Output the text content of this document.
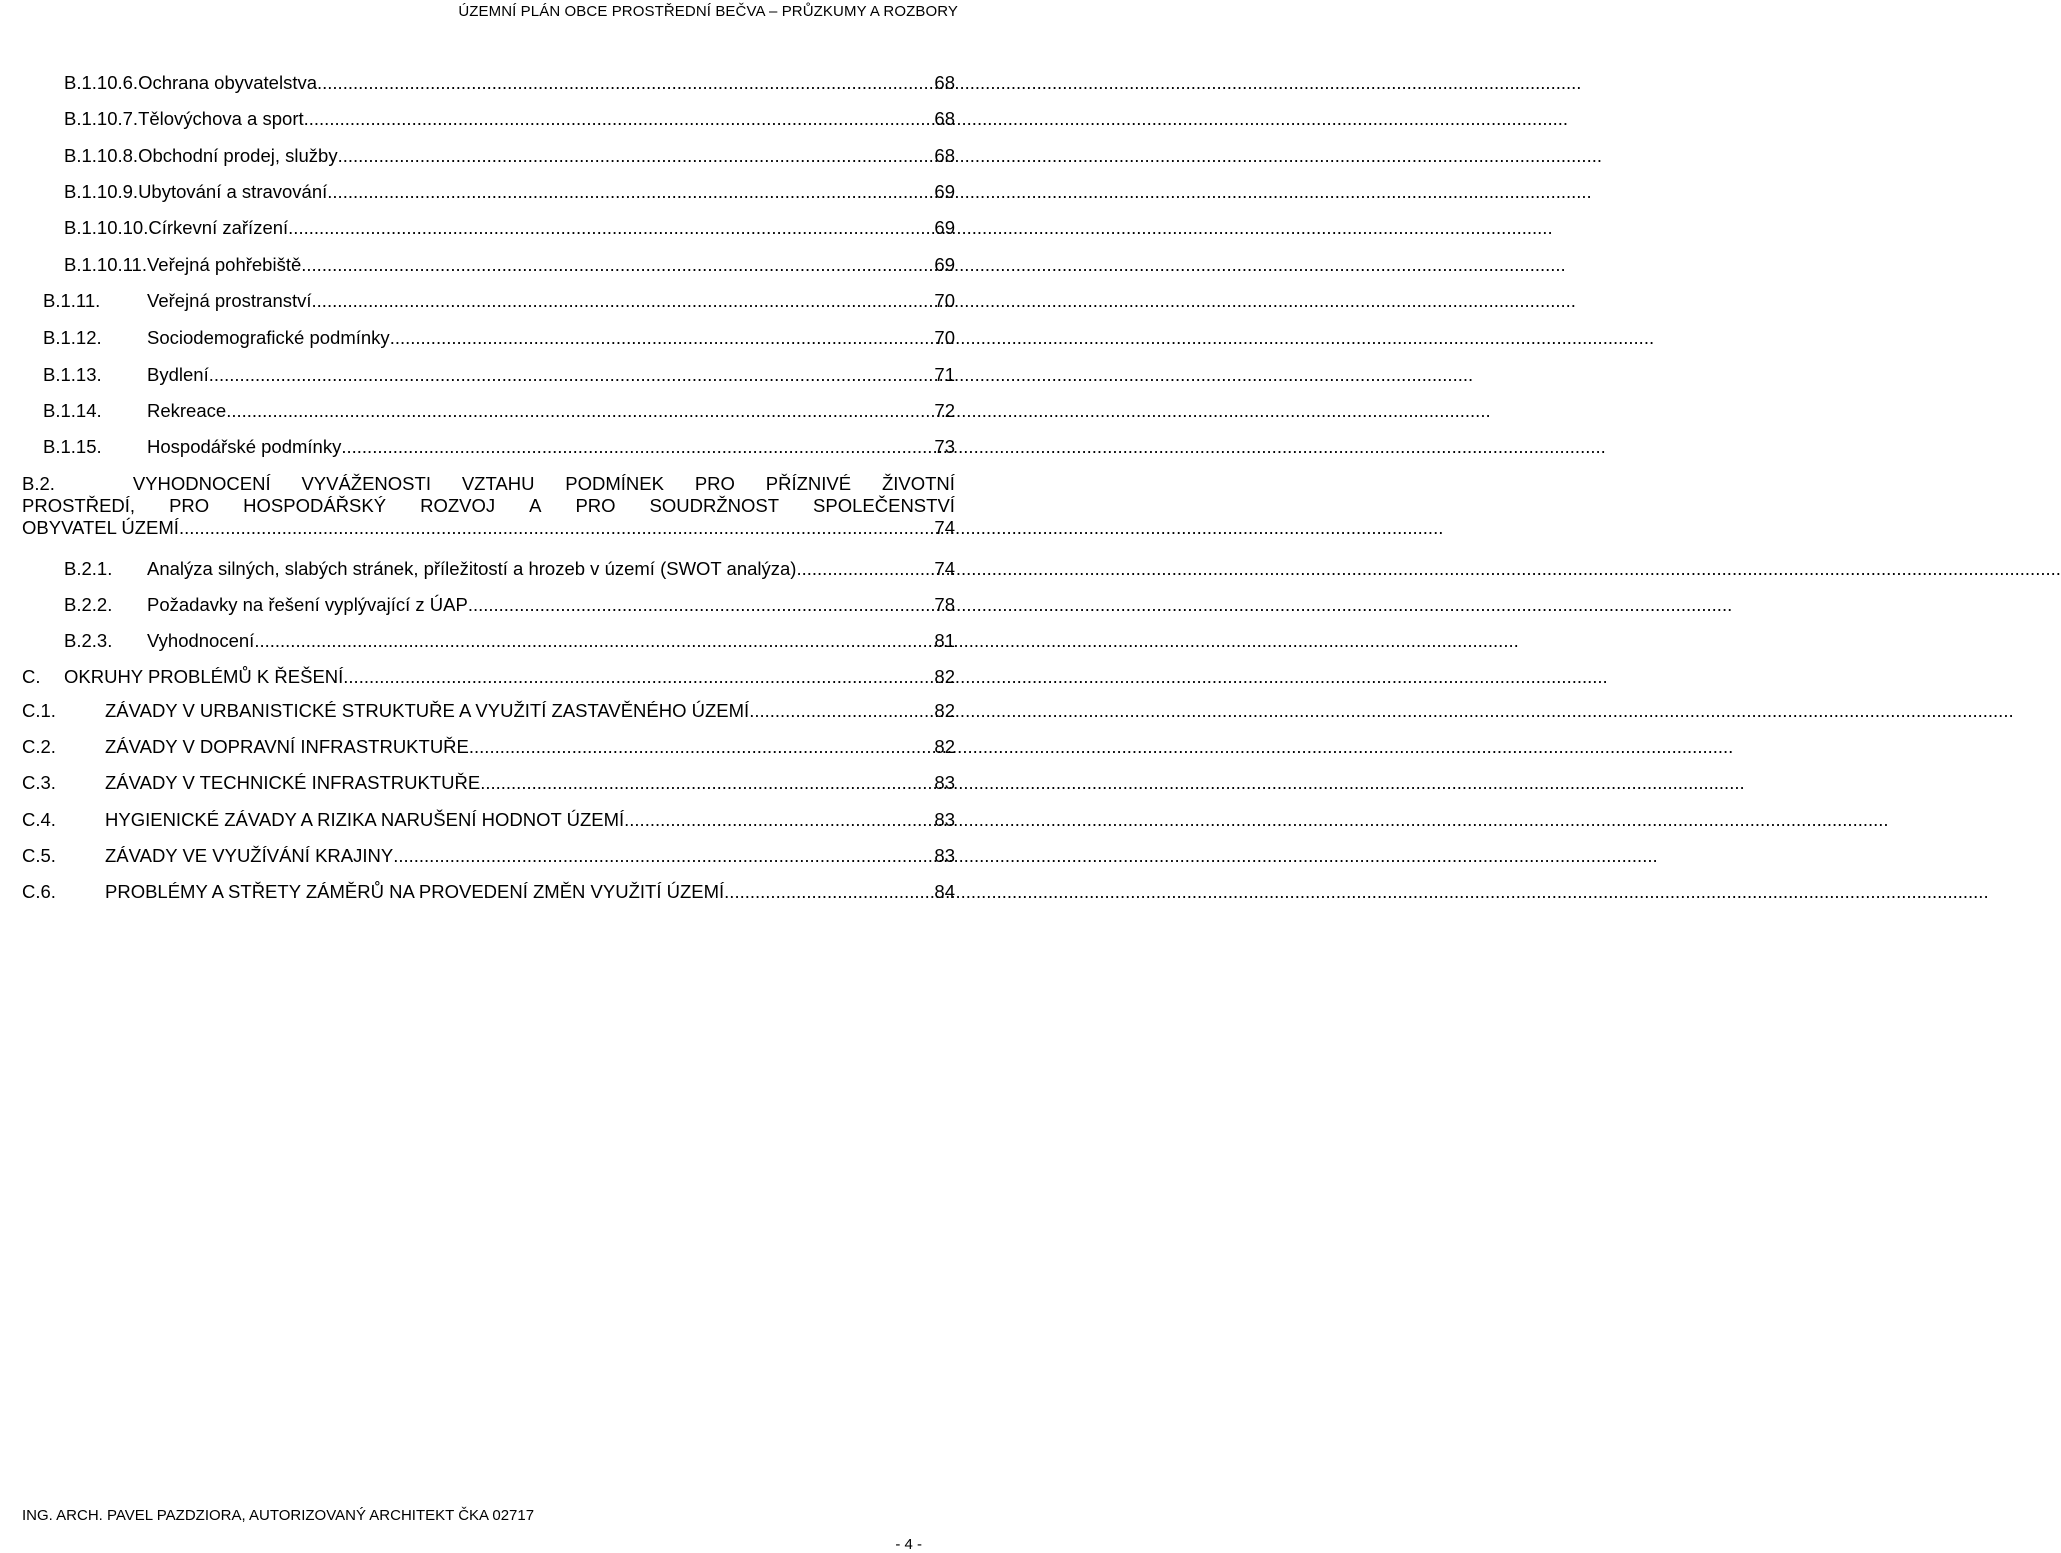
ÚZEMNÍ PLÁN OBCE PROSTŘEDNÍ BEČVA – PRŮZKUMY A ROZBORY
B.1.10.6. Ochrana obyvatelstva .....	68
B.1.10.7. Tělovýchova a sport .....	68
B.1.10.8. Obchodní prodej, služby .....	68
B.1.10.9. Ubytování a stravování .....	69
B.1.10.10. Církevní zařízení .....	69
B.1.10.11. Veřejná pohřebiště .....	69
B.1.11.	Veřejná prostranství .....	70
B.1.12.	Sociodemografické podmínky .....	70
B.1.13.	Bydlení .....	71
B.1.14.	Rekreace .....	72
B.1.15.	Hospodářské podmínky .....	73
B.2.	VYHODNOCENÍ VYVÁŽENOSTI VZTAHU PODMÍNEK PRO PŘÍZNIVÉ ŽIVOTNÍ
PROSTŘEDÍ, PRO HOSPODÁŘSKÝ ROZVOJ A PRO SOUDRŽNOST SPOLEČENSTVÍ
OBYVATEL ÚZEMÍ .....	74
B.2.1.	Analýza silných, slabých stránek, příležitostí a hrozeb v území (SWOT analýza) .....	74
B.2.2.	Požadavky na řešení vyplývající z ÚAP .....	78
B.2.3.	Vyhodnocení .....	81
C.	OKRUHY PROBLÉMŮ K ŘEŠENÍ .....	82
C.1.	ZÁVADY V URBANISTICKÉ STRUKTUŘE A VYUŽITÍ ZASTAVĚNÉHO ÚZEMÍ .....	82
C.2.	ZÁVADY V DOPRAVNÍ INFRASTRUKTUŘE .....	82
C.3.	ZÁVADY V TECHNICKÉ INFRASTRUKTUŘE .....	83
C.4.	HYGIENICKÉ ZÁVADY A RIZIKA NARUŠENÍ HODNOT ÚZEMÍ .....	83
C.5.	ZÁVADY VE VYUŽÍVÁNÍ KRAJINY .....	83
C.6.	PROBLÉMY A STŘETY ZÁMĚRŮ NA PROVEDENÍ ZMĚN VYUŽITÍ ÚZEMÍ .....	84
ING. ARCH. PAVEL PAZDZIORA, AUTORIZOVANÝ ARCHITEKT ČKA 02717
- 4 -
